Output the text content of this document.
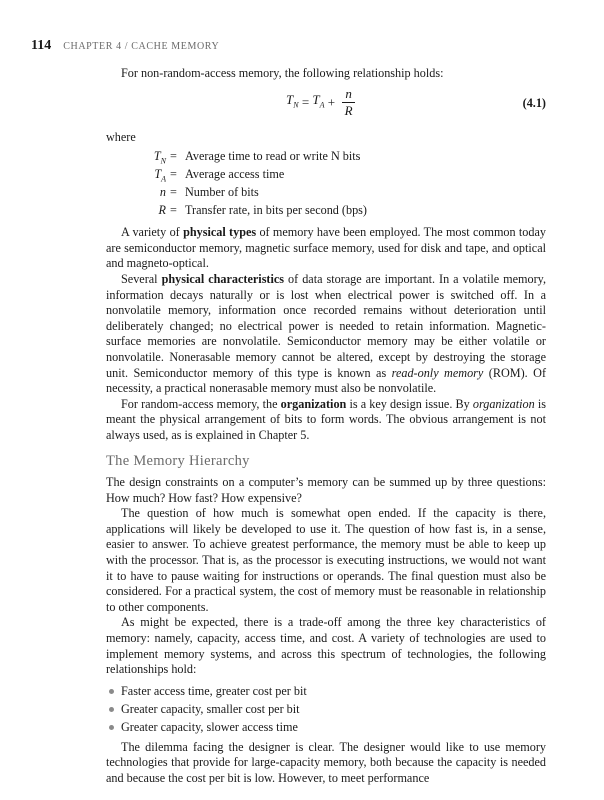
114 CHAPTER 4 / CACHE MEMORY

For non-random-access memory, the following relationship holds:

$T_N = T_A + \frac{n}{R}$	(4.1)
where
$T_N$ = Average time to read or write N bits
$T_A$ = Average access time
n = Number of bits
R = Transfer rate, in bits per second (bps)

A variety of physical types of memory have been employed. The most common today are semiconductor memory, magnetic surface memory, used for disk and tape, and optical and magneto-optical.

Several physical characteristics of data storage are important. In a volatile memory, information decays naturally or is lost when electrical power is switched off. In a nonvolatile memory, information once recorded remains without deterioration until deliberately changed; no electrical power is needed to retain information. Magnetic-surface memories are nonvolatile. Semiconductor memory may be either volatile or nonvolatile. Nonerasable memory cannot be altered, except by destroying the storage unit. Semiconductor memory of this type is known as read-only memory (ROM). Of necessity, a practical nonerasable memory must also be nonvolatile.

For random-access memory, the organization is a key design issue. By organization is meant the physical arrangement of bits to form words. The obvious arrangement is not always used, as is explained in Chapter 5.

The Memory Hierarchy

The design constraints on a computer’s memory can be summed up by three questions: How much? How fast? How expensive?

The question of how much is somewhat open ended. If the capacity is there, applications will likely be developed to use it. The question of how fast is, in a sense, easier to answer. To achieve greatest performance, the memory must be able to keep up with the processor. That is, as the processor is executing instructions, we would not want it to have to pause waiting for instructions or operands. The final question must also be considered. For a practical system, the cost of memory must be reasonable in relationship to other components.

As might be expected, there is a trade-off among the three key characteristics of memory: namely, capacity, access time, and cost. A variety of technologies are used to implement memory systems, and across this spectrum of technologies, the following relationships hold:

Faster access time, greater cost per bit
Greater capacity, smaller cost per bit
Greater capacity, slower access time

The dilemma facing the designer is clear. The designer would like to use memory technologies that provide for large-capacity memory, both because the capacity is needed and because the cost per bit is low. However, to meet performance
